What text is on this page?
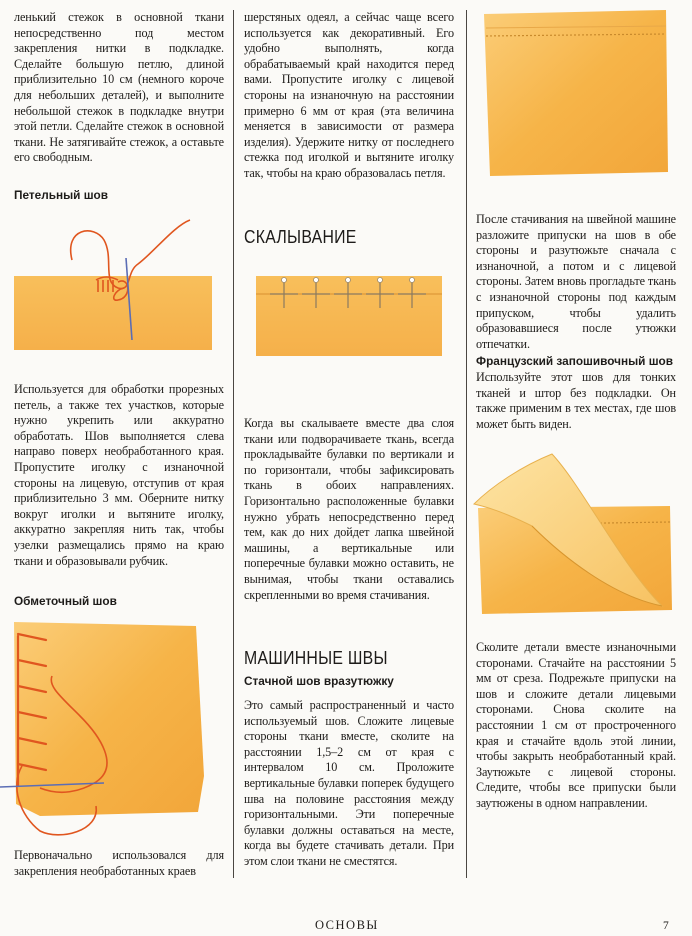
ленький стежок в основной ткани непосредственно под местом закрепления нитки в подкладке. Сделайте большую петлю, длиной приблизительно 10 см (немного короче для небольших деталей), и выполните небольшой стежок в подкладке внутри этой петли. Сделайте стежок в основной ткани. Не затягивайте стежок, а оставьте его свободным.

Петельный шов

Используется для обработки прорезных петель, а также тех участков, которые нужно укрепить или аккуратно обработать. Шов выполняется слева направо поверх необработанного края. Пропустите иголку с изнаночной стороны на лицевую, отступив от края приблизительно 3 мм. Оберните нитку вокруг иголки и вытяните иголку, аккуратно закрепляя нить так, чтобы узелки размещались прямо на краю ткани и образовывали рубчик.

Обметочный шов

Первоначально использовался для закрепления необработанных краев

шерстяных одеял, а сейчас чаще всего используется как декоративный. Его удобно выполнять, когда обрабатываемый край находится перед вами. Пропустите иголку с лицевой стороны на изнаночную на расстоянии примерно 6 мм от края (эта величина меняется в зависимости от размера изделия). Удержите нитку от последнего стежка под иголкой и вытяните иголку так, чтобы на краю образовалась петля.

СКАЛЫВАНИЕ

Когда вы скалываете вместе два слоя ткани или подворачиваете ткань, всегда прокладывайте булавки по вертикали и по горизонтали, чтобы зафиксировать ткань в обоих направлениях. Горизонтально расположенные булавки нужно убрать непосредственно перед тем, как до них дойдет лапка швейной машины, а вертикальные или поперечные булавки можно оставить, не вынимая, чтобы ткани оставались скрепленными во время стачивания.

МАШИННЫЕ ШВЫ

Стачной шов вразутюжку

Это самый распространенный и часто используемый шов. Сложите лицевые стороны ткани вместе, сколите на расстоянии 1,5–2 см от края с интервалом 10 см. Проложите вертикальные булавки поперек будущего шва на половине расстояния между горизонтальными. Эти поперечные булавки должны оставаться на месте, когда вы будете стачивать детали. При этом слои ткани не сместятся.

После стачивания на швейной машине разложите припуски на шов в обе стороны и разутюжьте сначала с изнаночной, а потом и с лицевой стороны. Затем вновь прогладьте ткань с изнаночной стороны под каждым припуском, чтобы удалить образовавшиеся после утюжки отпечатки.

Французский запошивочный шов

Используйте этот шов для тонких тканей и штор без подкладки. Он также применим в тех местах, где шов может быть виден.

Сколите детали вместе изнаночными сторонами. Стачайте на расстоянии 5 мм от среза. Подрежьте припуски на шов и сложите детали лицевыми сторонами. Снова сколите на расстоянии 1 см от простроченного края и стачайте вдоль этой линии, чтобы закрыть необработанный край. Заутюжьте с лицевой стороны. Следите, чтобы все припуски были заутюжены в одном направлении.

ОСНОВЫ	7
